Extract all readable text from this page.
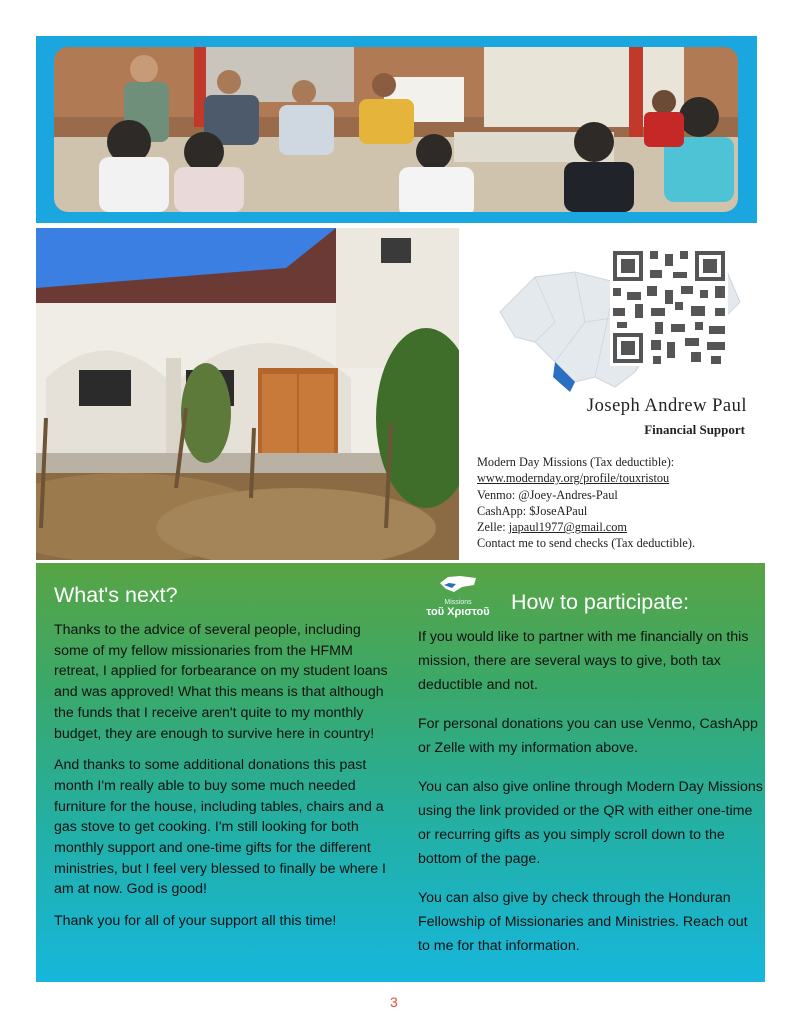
Joseph Andrew Paul
Financial Support
Modern Day Missions (Tax deductible):
www.modernday.org/profile/touxristou
Venmo: @Joey-Andres-Paul
CashApp: $JoseAPaul
Zelle: japaul1977@gmail.com
Contact me to send checks (Tax deductible).
What's next?

Thanks to the advice of several people, including some of my fellow missionaries from the HFMM retreat, I applied for forbearance on my student loans and was approved! What this means is that although the funds that I receive aren't quite to my monthly budget, they are enough to survive here in country!

And thanks to some additional donations this past month I'm really able to buy some much needed furniture for the house, including tables, chairs and a gas stove to get cooking. I'm still looking for both monthly support and one-time gifts for the different ministries, but I feel very blessed to finally be where I am at now. God is good!

Thank you for all of your support all this time!

Missions
τοῦ Χριστοῦ How to participate:

If you would like to partner with me financially on this mission, there are several ways to give, both tax deductible and not.

For personal donations you can use Venmo, CashApp or Zelle with my information above.

You can also give online through Modern Day Missions using the link provided or the QR with either one-time or recurring gifts as you simply scroll down to the bottom of the page.

You can also give by check through the Honduran Fellowship of Missionaries and Ministries. Reach out to me for that information.

3
